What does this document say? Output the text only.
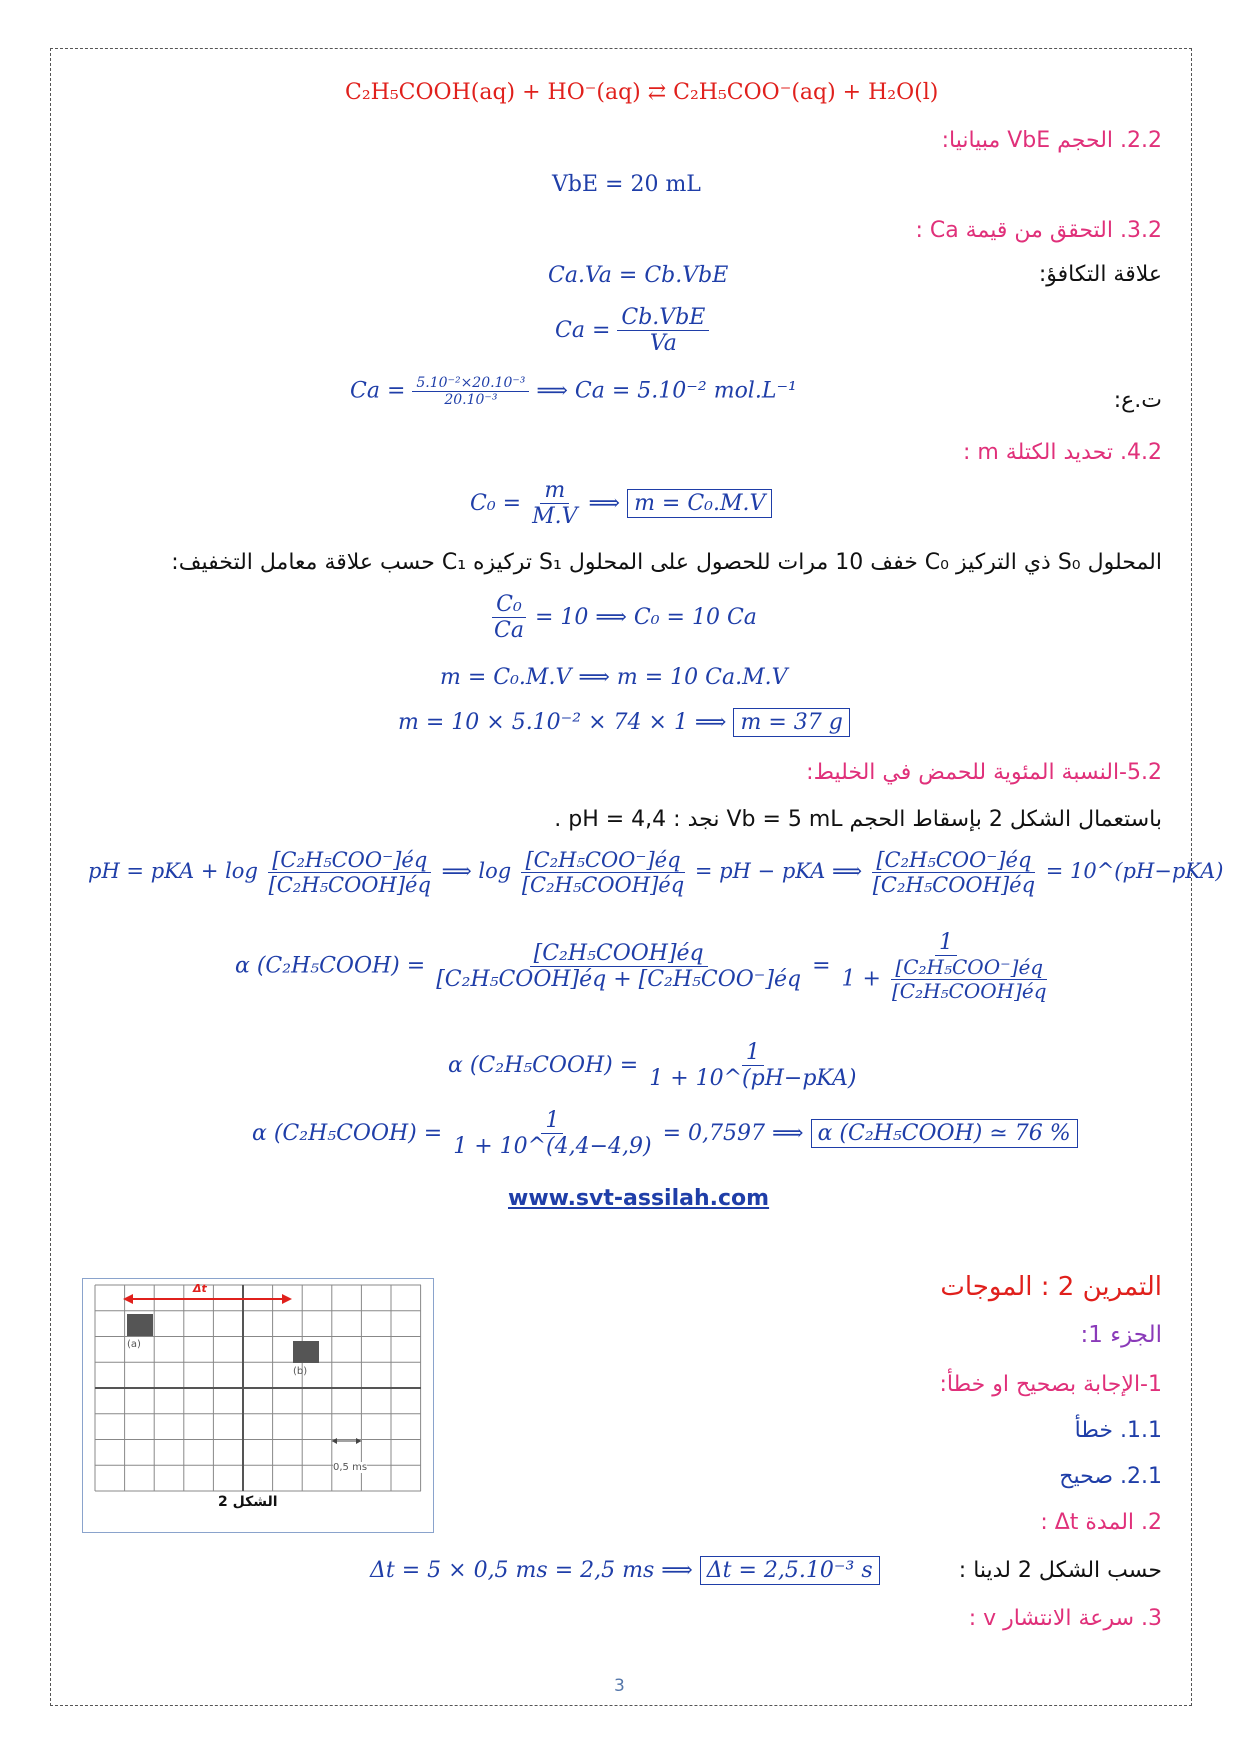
C₂H₅COOH(aq) + HO⁻(aq) ⇄ C₂H₅COO⁻(aq) + H₂O(l)
2.2. الحجم VbE مبيانيا:
VbE = 20 mL
3.2. التحقق من قيمة Ca :
علاقة التكافؤ:
Ca.Va = Cb.VbE
$Ca = \frac{\text{Cb.VbE}}{Va}$
ت.ع:
$Ca = \frac{\text{5.10⁻²×20.10⁻³}}{\text{20.10⁻³}}$ ⟹ Ca = 5.10⁻² mol.L⁻¹
4.2. تحديد الكتلة m :
$C_0 = \frac{m}{M.V}$ ⟹ m = C₀.M.V
المحلول S₀ ذي التركيز C₀ خفف 10 مرات للحصول على المحلول S₁ تركيزه C₁ حسب علاقة معامل التخفيف:
$\frac{\text{C₀}}{Ca} = 10$ ⟹ C₀ = 10 Ca
m = C₀.M.V ⟹ m = 10 Ca.M.V
m = 10 × 5.10⁻² × 74 × 1 ⟹ m = 37 g
5.2-النسبة المئوية للحمض في الخليط:
باستعمال الشكل 2 بإسقاط الحجم Vb = 5 mL نجد : pH = 4,4 .
pH = pKA + $\log \frac{\text{[C₂H₅COO⁻]éq}}{\text{[C₂H₅COOH]éq}}$ ⟹ $\log \frac{\text{[C₂H₅COO⁻]éq}}{\text{[C₂H₅COOH]éq}}$ = pH − pKA ⟹ $\frac{\text{[C₂H₅COO⁻]éq}}{\text{[C₂H₅COOH]éq}}$ = 10^(pH−pKA)
α (C₂H₅COOH) = $\frac{\text{[C₂H₅COOH]éq}}{\text{[C₂H₅COOH]éq + [C₂H₅COO⁻]éq}} = \frac{1}{1 + \frac{\text{[C₂H₅COO⁻]éq}}{\text{[C₂H₅COOH]éq}}}$
α (C₂H₅COOH) = $\frac{1}{\text{1 + 10\textasciicircum{}(pH−pKA)}}$
α (C₂H₅COOH) = $\frac{1}{1 + 10\^{}(4,4-4,9)} = 0,7597$ ⟹ α (C₂H₅COOH) ≃ 76 %
www.svt-assilah.com
التمرين 2 : الموجات
الجزء 1:
1-الإجابة بصحيح او خطأ:
1.1. خطأ
2.1. صحيح
2. المدة Δt :
حسب الشكل 2 لدينا :
Δt = 5 × 0,5 ms = 2,5 ms ⟹ Δt = 2,5.10⁻³ s
3. سرعة الانتشار v :
Δt
(a)
(b)
0,5 ms
الشكل 2
3
